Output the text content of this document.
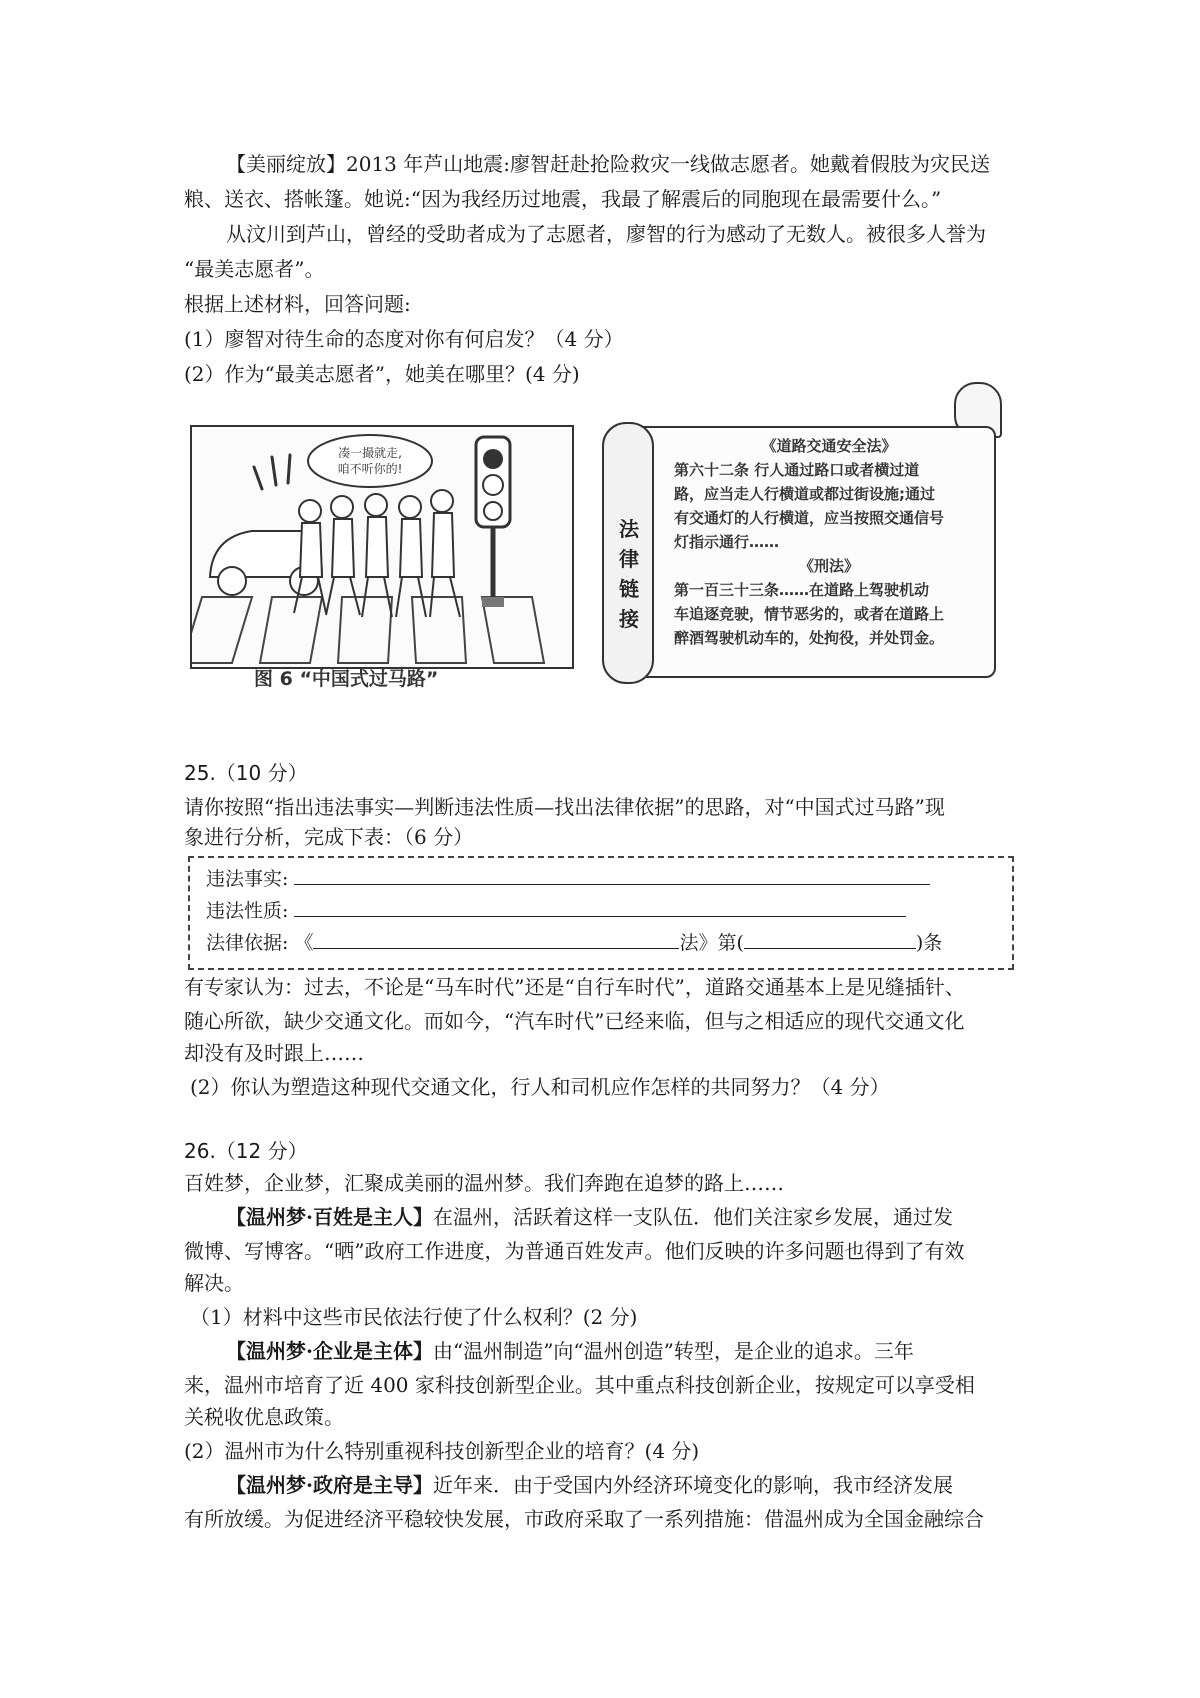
【美丽绽放】2013 年芦山地震:廖智赶赴抢险救灾一线做志愿者。她戴着假肢为灾民送
粮、送衣、搭帐篷。她说:“因为我经历过地震，我最了解震后的同胞现在最需要什么。”
从汶川到芦山，曾经的受助者成为了志愿者，廖智的行为感动了无数人。被很多人誉为
“最美志愿者”。
根据上述材料，回答问题:
(1）廖智对待生命的态度对你有何启发？（4 分）
(2）作为“最美志愿者”，她美在哪里？(4 分)
凑一撮就走,
咱不听你的!
图 6 “中国式过马路”
法律链接
《道路交通安全法》
第六十二条 行人通过路口或者横过道
路，应当走人行横道或都过街设施;通过
有交通灯的人行横道，应当按照交通信号
灯指示通行……
《刑法》
第一百三十三条……在道路上驾驶机动
车追逐竞驶，情节恶劣的，或者在道路上
醉酒驾驶机动车的，处拘役，并处罚金。
25.（10 分）
请你按照“指出违法事实—判断违法性质—找出法律依据”的思路，对“中国式过马路”现
象进行分析，完成下表：（6 分）
违法事实:
违法性质:
法律依据: 《	法》第(	)条
有专家认为：过去，不论是“马车时代”还是“自行车时代”，道路交通基本上是见缝插针、
随心所欲，缺少交通文化。而如今，“汽车时代”已经来临，但与之相适应的现代交通文化
却没有及时跟上……
(2）你认为塑造这种现代交通文化，行人和司机应作怎样的共同努力？（4 分）
26.（12 分）
百姓梦，企业梦，汇聚成美丽的温州梦。我们奔跑在追梦的路上……
【温州梦·百姓是主人】在温州，活跃着这样一支队伍．他们关注家乡发展，通过发
微博、写博客。“晒”政府工作进度，为普通百姓发声。他们反映的许多问题也得到了有效
解决。
（1）材料中这些市民依法行使了什么权利？(2 分)
【温州梦·企业是主体】由“温州制造”向“温州创造”转型，是企业的追求。三年
来，温州市培育了近 400 家科技创新型企业。其中重点科技创新企业，按规定可以享受相
关税收优息政策。
(2）温州市为什么特别重视科技创新型企业的培育？(4 分)
【温州梦·政府是主导】近年来．由于受国内外经济环境变化的影响，我市经济发展
有所放缓。为促进经济平稳较快发展，市政府采取了一系列措施：借温州成为全国金融综合
